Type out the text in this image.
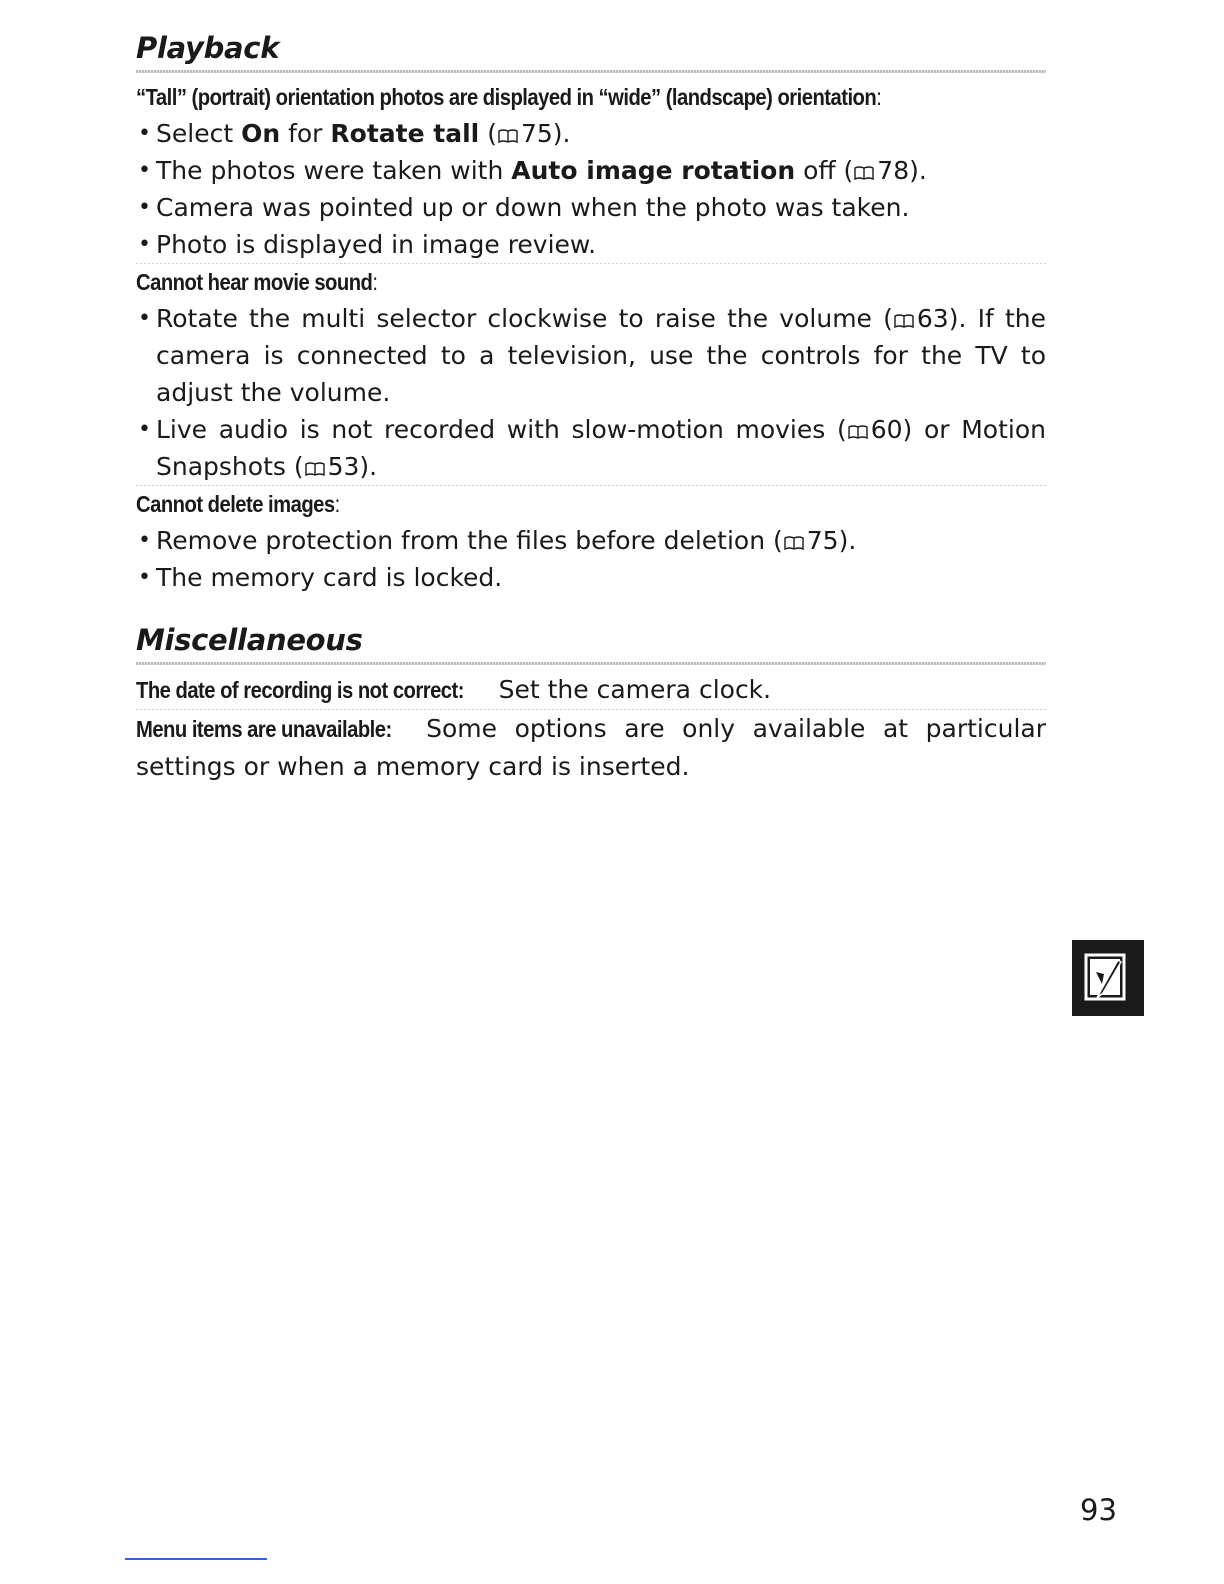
Playback

“Tall” (portrait) orientation photos are displayed in “wide” (landscape) orientation:

• Select On for Rotate tall ( 75).
• The photos were taken with Auto image rotation off ( 78).
• Camera was pointed up or down when the photo was taken.
• Photo is displayed in image review.

Cannot hear movie sound:

• Rotate the multi selector clockwise to raise the volume ( 63). If the camera is connected to a television, use the controls for the TV to adjust the volume.
• Live audio is not recorded with slow-motion movies ( 60) or Motion Snapshots ( 53).

Cannot delete images:

• Remove protection from the files before deletion ( 75).
• The memory card is locked.
Miscellaneous

The date of recording is not correct: Set the camera clock.

Menu items are unavailable: Some options are only available at particular settings or when a memory card is inserted.

93
